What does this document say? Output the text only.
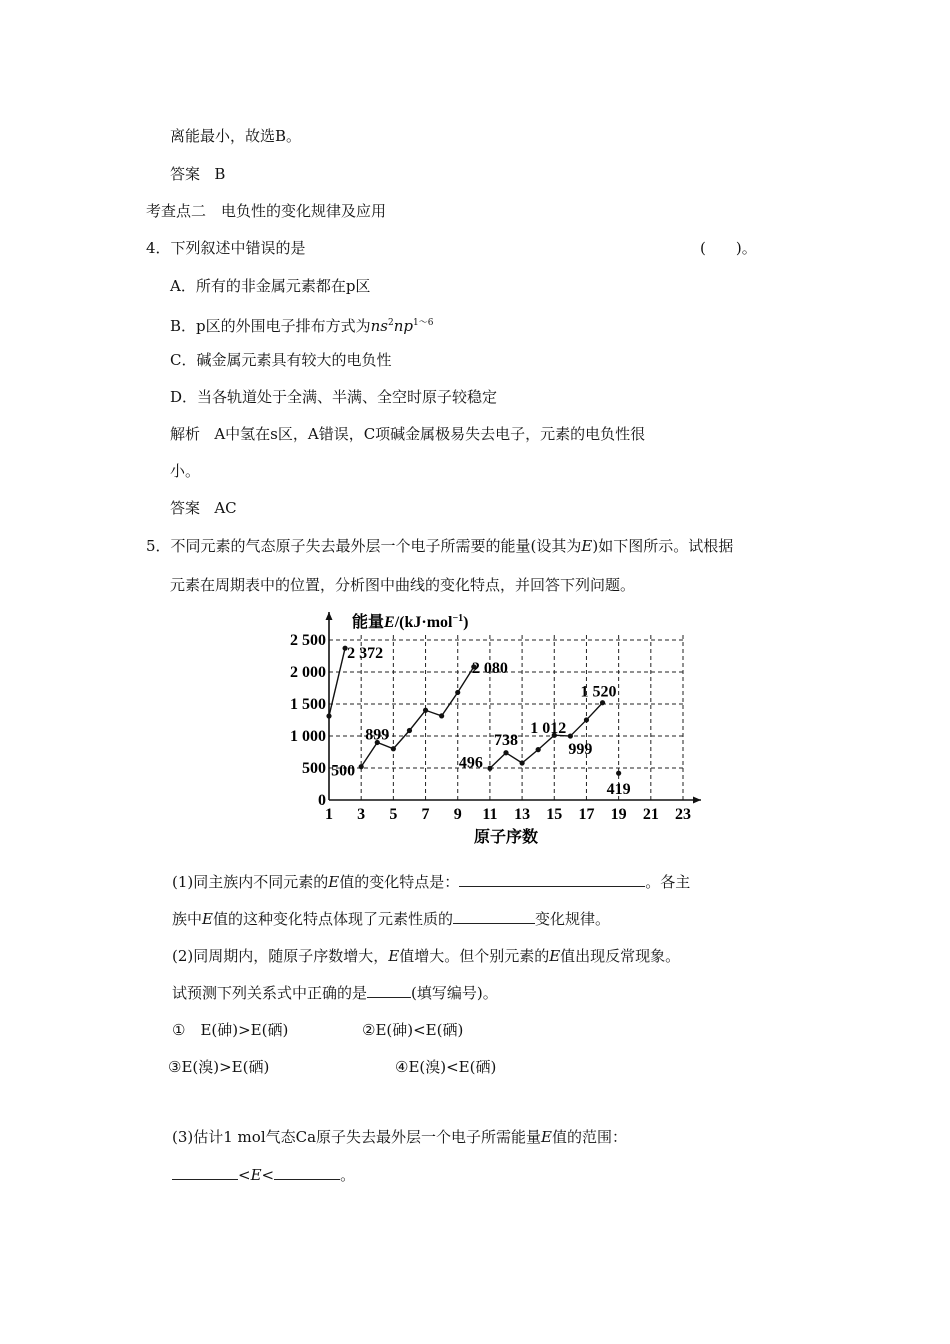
离能最小，故选B。
答案 B
考查点二　电负性的变化规律及应用
4．下列叙述中错误的是	(　　)。
A．所有的非金属元素都在p区
B．p区的外围电子排布方式为$ns^2np^{1\sim 6}$
C．碱金属元素具有较大的电负性
D．当各轨道处于全满、半满、全空时原子较稳定
解析 A中氢在s区，A错误，C项碱金属极易失去电子，元素的电负性很
小。
答案 AC
5．不同元素的气态原子失去最外层一个电子所需要的能量(设其为E)如下图所示。试根据
元素在周期表中的位置，分析图中曲线的变化特点，并回答下列问题。
1 3 5 7 9 11 13 15 17 19 21 23
0
500
1 000
1 500
2 000
2 500
2 372
500
899
2 080
496
738
1 012
999
1 520
419
能量E/(kJ·mol$^{-1}$)
原子序数
(1)同主族内不同元素的E值的变化特点是：	。各主
族中E值的这种变化特点体现了元素性质的	变化规律。
(2)同周期内，随原子序数增大，E值增大。但个别元素的E值出现反常现象。
试预测下列关系式中正确的是	(填写编号)。
①　E(砷)>E(硒)	②E(砷)<E(硒)
③E(溴)>E(硒)	④E(溴)<E(硒)
(3)估计1 mol气态Ca原子失去最外层一个电子所需能量E值的范围：
<E<	。
